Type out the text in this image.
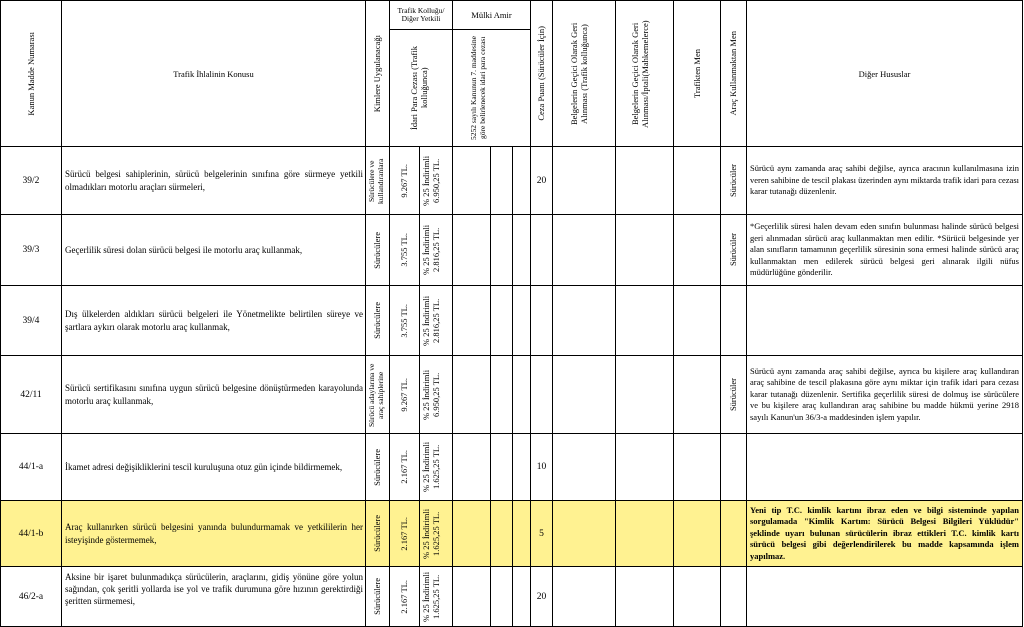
Kanun Madde Numarası	Trafik İhlalinin Konusu	Kimlere Uygulanacağı	Trafik Kolluğu/ Diğer Yetkili		Mülki Amir			Ceza Puanı (Sürücüler İçin)	Belgelerin Geçici Olarak Geri Alınması (Trafik kolluğunca)	Belgelerin Geçici Olarak Geri Alınması/İptali(Mahkemelerce)	Trafikten Men	Araç Kullanmaktan Men	Diğer Hususlar

			İdari Para Cezası (Trafik kolluğunca)		5252 sayılı Kanunun 7. maddesine göre belirlenecek idari para cezası								

39/2	Sürücü belgesi sahiplerinin, sürücü belgelerinin sınıfına göre sürmeye yetkili olmadıkları motorlu araçları sürmeleri,	Sürücülere ve kullandıranlara	9.267 TL.	% 25 İndirimli 6.950,25 TL.				20				Sürücüler	Sürücü aynı zamanda araç sahibi değilse, ayrıca aracının kullanılmasına izin veren sahibine de tescil plakası üzerinden aynı miktarda trafik idari para cezası karar tutanağı düzenlenir.
39/3	Geçerlilik süresi dolan sürücü belgesi ile motorlu araç kullanmak,	Sürücülere	3.755 TL.	% 25 İndirimli 2.816,25 TL.								Sürücüler	*Geçerlilik süresi halen devam eden sınıfın bulunması halinde sürücü belgesi geri alınmadan sürücü araç kullanmaktan men edilir. *Sürücü belgesinde yer alan sınıfların tamamının geçerlilik süresinin sona ermesi halinde sürücü araç kullanmaktan men edilerek sürücü belgesi geri alınarak ilgili nüfus müdürlüğüne gönderilir.
39/4	Dış ülkelerden aldıkları sürücü belgeleri ile Yönetmelikte belirtilen süreye ve şartlara aykırı olarak motorlu araç kullanmak,	Sürücülere	3.755 TL.	% 25 İndirimli 2.816,25 TL.									

42/11	Sürücü sertifikasını sınıfına uygun sürücü belgesine dönüştürmeden karayolunda motorlu araç kullanmak,	Sürücü adaylarına ve araç sahiplerine	9.267 TL.	% 25 İndirimli 6.950,25 TL.								Sürücüler	Sürücü aynı zamanda araç sahibi değilse, ayrıca bu kişilere araç kullandıran araç sahibine de tescil plakasına göre aynı miktar için trafik idari para cezası karar tutanağı düzenlenir. Sertifika geçerlilik süresi de dolmuş ise sürücülere ve bu kişilere araç kullandıran araç sahibine bu madde hükmü yerine 2918 sayılı Kanun'un 36/3-a maddesinden işlem yapılır.
44/1-a	İkamet adresi değişikliklerini tescil kuruluşuna otuz gün içinde bildirmemek,	Sürücülere	2.167 TL.	% 25 İndirimli 1.625,25 TL.				10					
44/1-b	Araç kullanırken sürücü belgesini yanında bulundurmamak ve yetkililerin her isteyişinde göstermemek,	Sürücülere	2.167 TL.	% 25 İndirimli 1.625,25 TL.				5					Yeni tip T.C. kimlik kartını ibraz eden ve bilgi sisteminde yapılan sorgulamada "Kimlik Kartım: Sürücü Belgesi Bilgileri Yüklüdür" şeklinde uyarı bulunan sürücülerin ibraz ettikleri T.C. kimlik kartı sürücü belgesi gibi değerlendirilerek bu madde kapsamında işlem yapılmaz.
46/2-a	Aksine bir işaret bulunmadıkça sürücülerin, araçlarını, gidiş yönüne göre yolun sağından, çok şeritli yollarda ise yol ve trafik durumuna göre hızının gerektirdiği şeritten sürmemesi,	Sürücülere	2.167 TL.	% 25 İndirimli 1.625,25 TL.				20					
